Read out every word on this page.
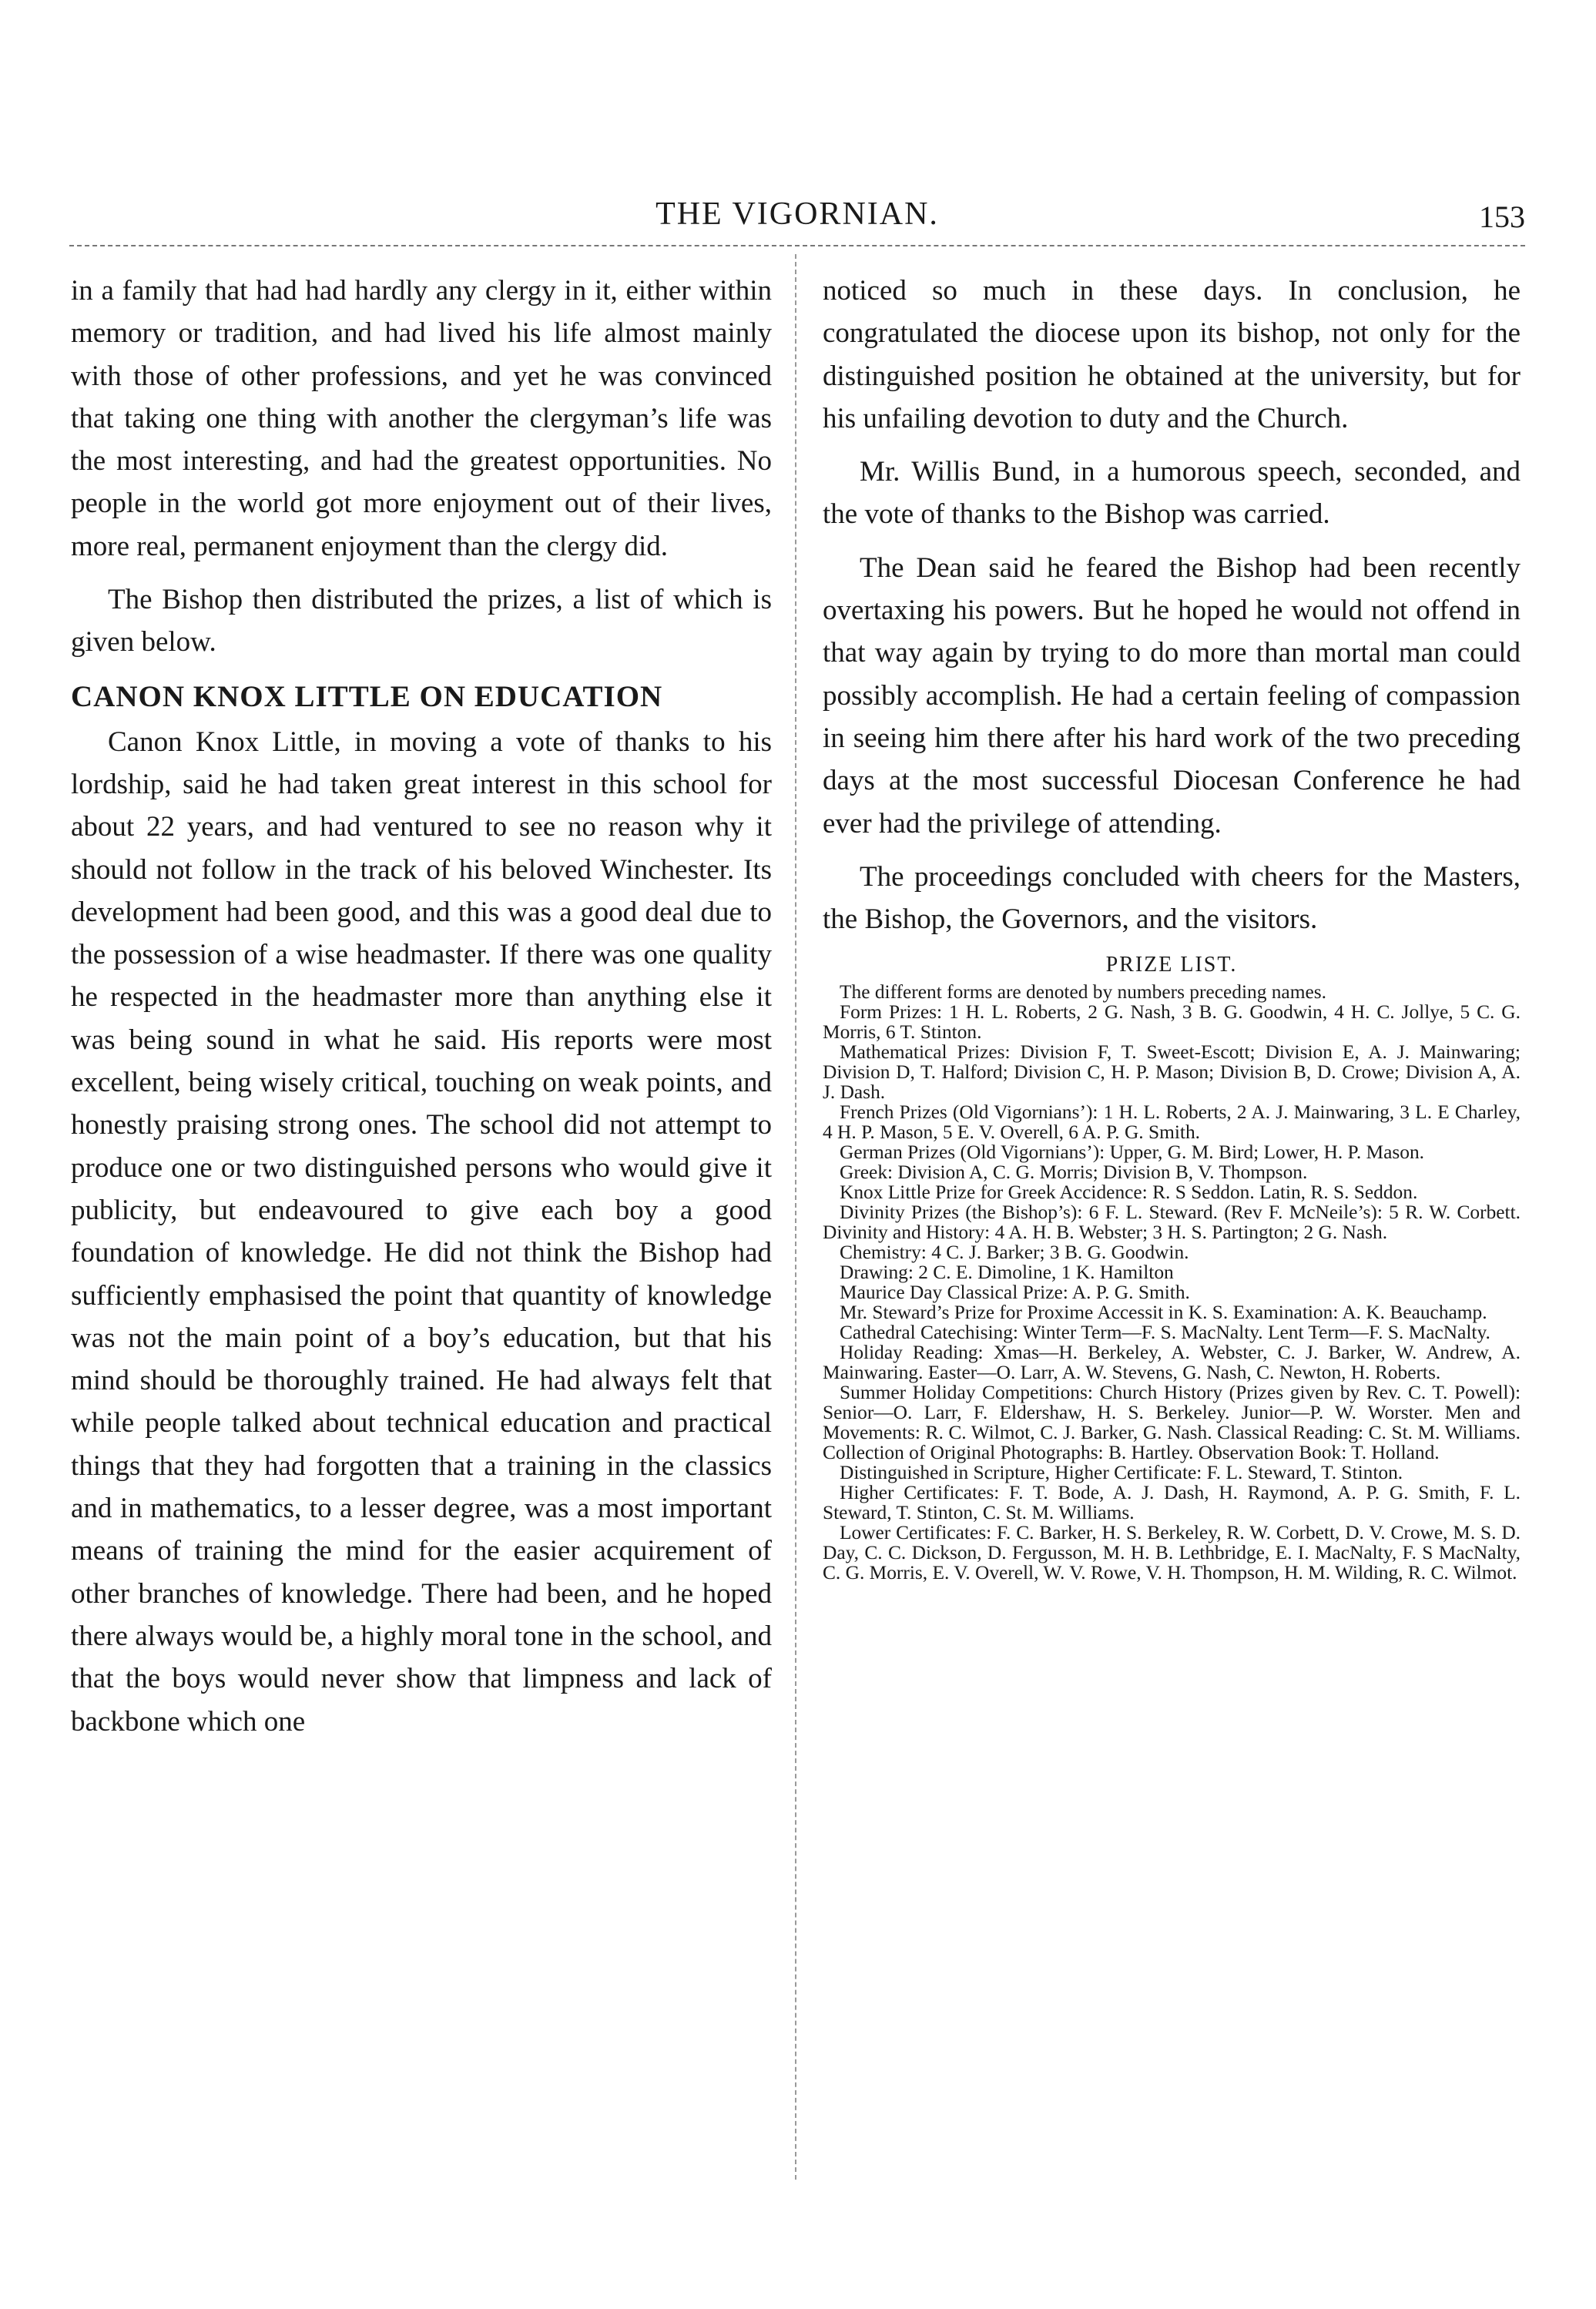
THE VIGORNIAN.	153

in a family that had had hardly any clergy in it, either within memory or tradition, and had lived his life almost mainly with those of other professions, and yet he was convinced that taking one thing with another the clergyman’s life was the most interesting, and had the greatest opportunities. No people in the world got more enjoyment out of their lives, more real, permanent enjoyment than the clergy did.

The Bishop then distributed the prizes, a list of which is given below.

CANON KNOX LITTLE ON EDUCATION

Canon Knox Little, in moving a vote of thanks to his lordship, said he had taken great interest in this school for about 22 years, and had ventured to see no reason why it should not follow in the track of his beloved Winchester. Its development had been good, and this was a good deal due to the possession of a wise headmaster. If there was one quality he respected in the headmaster more than anything else it was being sound in what he said. His reports were most excellent, being wisely critical, touching on weak points, and honestly praising strong ones. The school did not attempt to produce one or two distinguished persons who would give it publicity, but endeavoured to give each boy a good foundation of knowledge. He did not think the Bishop had sufficiently emphasised the point that quantity of knowledge was not the main point of a boy’s education, but that his mind should be thoroughly trained. He had always felt that while people talked about technical education and practical things that they had forgotten that a training in the classics and in mathematics, to a lesser degree, was a most important means of training the mind for the easier acquirement of other branches of knowledge. There had been, and he hoped there always would be, a highly moral tone in the school, and that the boys would never show that limpness and lack of backbone which one

noticed so much in these days. In conclusion, he congratulated the diocese upon its bishop, not only for the distinguished position he obtained at the university, but for his unfailing devotion to duty and the Church.

Mr. Willis Bund, in a humorous speech, seconded, and the vote of thanks to the Bishop was carried.

The Dean said he feared the Bishop had been recently overtaxing his powers. But he hoped he would not offend in that way again by trying to do more than mortal man could possibly accomplish. He had a certain feeling of compassion in seeing him there after his hard work of the two preceding days at the most successful Diocesan Conference he had ever had the privilege of attending.

The proceedings concluded with cheers for the Masters, the Bishop, the Governors, and the visitors.

PRIZE LIST.

The different forms are denoted by numbers preceding names.

Form Prizes: 1 H. L. Roberts, 2 G. Nash, 3 B. G. Goodwin, 4 H. C. Jollye, 5 C. G. Morris, 6 T. Stinton.

Mathematical Prizes: Division F, T. Sweet-Escott; Division E, A. J. Mainwaring; Division D, T. Halford; Division C, H. P. Mason; Division B, D. Crowe; Division A, A. J. Dash.

French Prizes (Old Vigornians’): 1 H. L. Roberts, 2 A. J. Mainwaring, 3 L. E Charley, 4 H. P. Mason, 5 E. V. Overell, 6 A. P. G. Smith.

German Prizes (Old Vigornians’): Upper, G. M. Bird; Lower, H. P. Mason.

Greek: Division A, C. G. Morris; Division B, V. Thompson.

Knox Little Prize for Greek Accidence: R. S Seddon. Latin, R. S. Seddon.

Divinity Prizes (the Bishop’s): 6 F. L. Steward. (Rev F. McNeile’s): 5 R. W. Corbett. Divinity and History: 4 A. H. B. Webster; 3 H. S. Partington; 2 G. Nash.

Chemistry: 4 C. J. Barker; 3 B. G. Goodwin.

Drawing: 2 C. E. Dimoline, 1 K. Hamilton

Maurice Day Classical Prize: A. P. G. Smith.

Mr. Steward’s Prize for Proxime Accessit in K. S. Examination: A. K. Beauchamp.

Cathedral Catechising: Winter Term—F. S. MacNalty. Lent Term—F. S. MacNalty.

Holiday Reading: Xmas—H. Berkeley, A. Webster, C. J. Barker, W. Andrew, A. Mainwaring. Easter—O. Larr, A. W. Stevens, G. Nash, C. Newton, H. Roberts.

Summer Holiday Competitions: Church History (Prizes given by Rev. C. T. Powell): Senior—O. Larr, F. Eldershaw, H. S. Berkeley. Junior—P. W. Worster. Men and Movements: R. C. Wilmot, C. J. Barker, G. Nash. Classical Reading: C. St. M. Williams. Collection of Original Photographs: B. Hartley. Observation Book: T. Holland.

Distinguished in Scripture, Higher Certificate: F. L. Steward, T. Stinton.

Higher Certificates: F. T. Bode, A. J. Dash, H. Raymond, A. P. G. Smith, F. L. Steward, T. Stinton, C. St. M. Williams.

Lower Certificates: F. C. Barker, H. S. Berkeley, R. W. Corbett, D. V. Crowe, M. S. D. Day, C. C. Dickson, D. Fergusson, M. H. B. Lethbridge, E. I. MacNalty, F. S MacNalty, C. G. Morris, E. V. Overell, W. V. Rowe, V. H. Thompson, H. M. Wilding, R. C. Wilmot.
